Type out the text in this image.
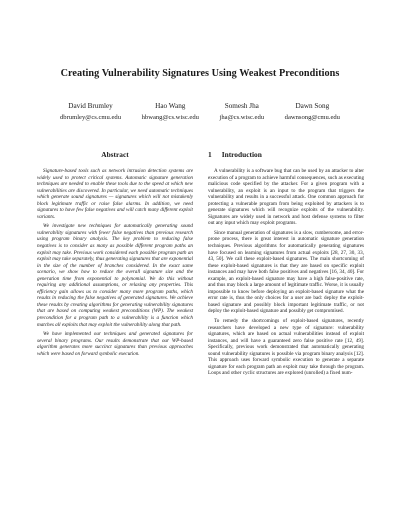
Creating Vulnerability Signatures Using Weakest Preconditions
David Brumley
dbrumley@cs.cmu.edu
Hao Wang
hbwang@cs.wisc.edu
Somesh Jha
jha@cs.wisc.edu
Dawn Song
dawnsong@cmu.edu
Abstract

Signature-based tools such as network intrusion detection systems are widely used to protect critical systems. Automatic signature generation techniques are needed to enable these tools due to the speed at which new vulnerabilities are discovered. In particular, we need automatic techniques which generate sound signatures — signatures which will not mistakenly block legitimate traffic or raise false alarms. In addition, we need signatures to have few false negatives and will catch many different exploit variants.

We investigate new techniques for automatically generating sound vulnerability signatures with fewer false negatives than previous research using program binary analysis. The key problem to reducing false negatives is to consider as many as possible different program paths an exploit may take. Previous work considered each possible program path an exploit may take separately, thus generating signatures that are exponential in the size of the number of branches considered. In the exact same scenario, we show how to reduce the overall signature size and the generation time from exponential to polynomial. We do this without requiring any additional assumptions, or relaxing any properties. This efficiency gain allows us to consider many more program paths, which results in reducing the false negatives of generated signatures. We achieve these results by creating algorithms for generating vulnerability signatures that are based on computing weakest preconditions (WP). The weakest precondition for a program path to a vulnerability is a function which matches all exploits that may exploit the vulnerability along that path.

We have implemented our techniques and generated signatures for several binary programs. Our results demonstrate that our WP-based algorithm generates more succinct signatures than previous approaches which were based on forward symbolic execution.

1 Introduction

A vulnerability is a software bug that can be used by an attacker to alter execution of a program to achieve harmful consequences, such as executing malicious code specified by the attacker. For a given program with a vulnerability, an exploit is an input to the program that triggers the vulnerability and results in a successful attack. One common approach for protecting a vulnerable program from being exploited by attackers is to generate signatures which will recognize exploits of the vulnerability. Signatures are widely used in network and host defense systems to filter out any input which may exploit programs.

Since manual generation of signatures is a slow, cumbersome, and error-prone process, there is great interest in automatic signature generation techniques. Previous algorithms for automatically generating signatures have focused on learning signatures from actual exploits [28, 27, 30, 33, 43, 50]. We call these exploit-based signatures. The main shortcoming of these exploit-based signatures is that they are based on specific exploit instances and may have both false positives and negatives [16, 34, 40]. For example, an exploit-based signature may have a high false-positive rate, and thus may block a large amount of legitimate traffic. Worse, it is usually impossible to know before deploying an exploit-based signature what the error rate is, thus the only choices for a user are bad: deploy the exploit-based signature and possibly block important legitimate traffic, or not deploy the exploit-based signature and possibly get compromised.

To remedy the shortcomings of exploit-based signatures, recently researchers have developed a new type of signature: vulnerability signatures, which are based on actual vulnerabilities instead of exploit instances, and will have a guaranteed zero false positive rate [12, 49]. Specifically, previous work demonstrated that automatically generating sound vulnerability signatures is possible via program binary analysis [12]. This approach uses forward symbolic execution to generate a separate signature for each program path an exploit may take through the program. Loops and other cyclic structures are explored (unrolled) a fixed num-
